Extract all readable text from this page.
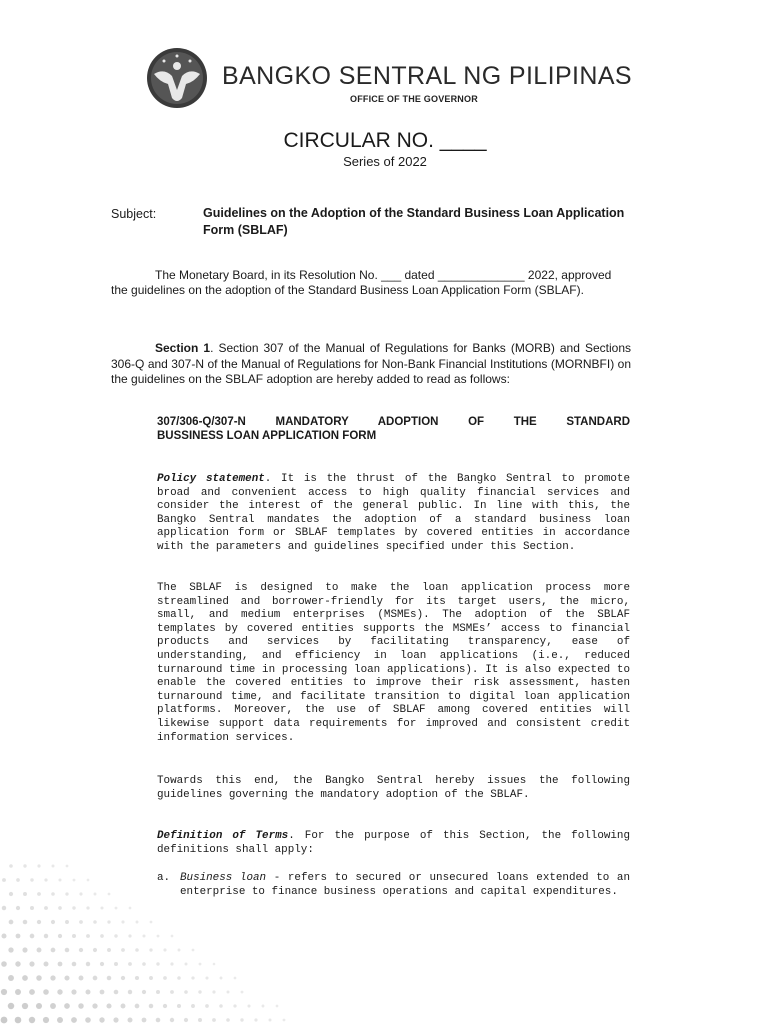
BANGKO SENTRAL NG PILIPINAS
OFFICE OF THE GOVERNOR
CIRCULAR NO. ____
Series of 2022
Subject:	Guidelines on the Adoption of the Standard Business Loan Application Form (SBLAF)
The Monetary Board, in its Resolution No. ___ dated _____________ 2022, approved the guidelines on the adoption of the Standard Business Loan Application Form (SBLAF).
Section 1. Section 307 of the Manual of Regulations for Banks (MORB) and Sections 306-Q and 307-N of the Manual of Regulations for Non-Bank Financial Institutions (MORNBFI) on the guidelines on the SBLAF adoption are hereby added to read as follows:
307/306-Q/307-N MANDATORY ADOPTION OF THE STANDARD
BUSSINESS LOAN APPLICATION FORM
Policy statement. It is the thrust of the Bangko Sentral to promote broad and convenient access to high quality financial services and consider the interest of the general public. In line with this, the Bangko Sentral mandates the adoption of a standard business loan application form or SBLAF templates by covered entities in accordance with the parameters and guidelines specified under this Section.
The SBLAF is designed to make the loan application process more streamlined and borrower-friendly for its target users, the micro, small, and medium enterprises (MSMEs). The adoption of the SBLAF templates by covered entities supports the MSMEs’ access to financial products and services by facilitating transparency, ease of understanding, and efficiency in loan applications (i.e., reduced turnaround time in processing loan applications). It is also expected to enable the covered entities to improve their risk assessment, hasten turnaround time, and facilitate transition to digital loan application platforms. Moreover, the use of SBLAF among covered entities will likewise support data requirements for improved and consistent credit information services.
Towards this end, the Bangko Sentral hereby issues the following guidelines governing the mandatory adoption of the SBLAF.
Definition of Terms. For the purpose of this Section, the following definitions shall apply:
a. Business loan - refers to secured or unsecured loans extended to an enterprise to finance business operations and capital expenditures.
